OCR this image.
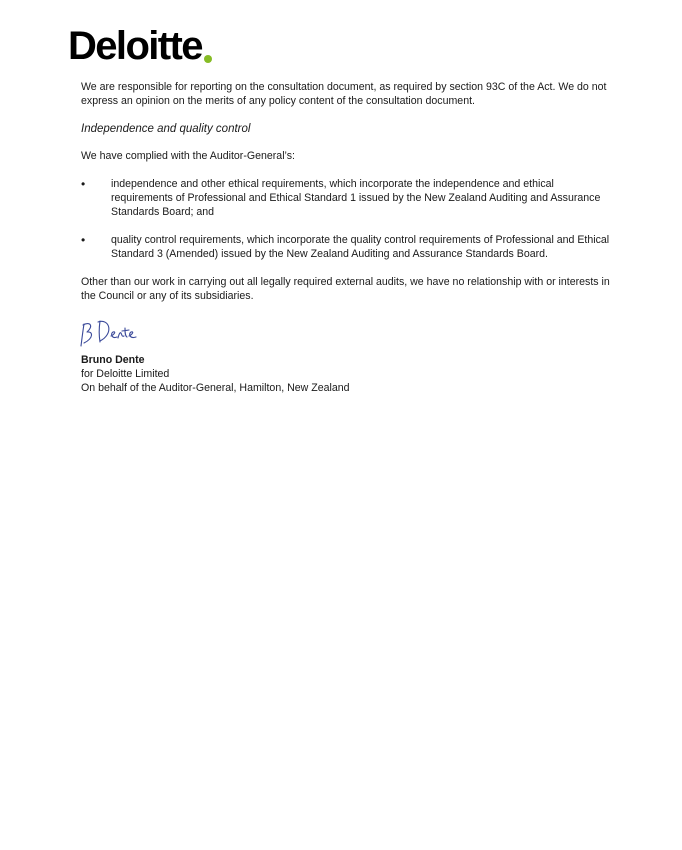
Deloitte

We are responsible for reporting on the consultation document, as required by section 93C of the Act. We do not express an opinion on the merits of any policy content of the consultation document.

Independence and quality control

We have complied with the Auditor-General’s:

•	independence and other ethical requirements, which incorporate the independence and ethical requirements of Professional and Ethical Standard 1 issued by the New Zealand Auditing and Assurance Standards Board; and
•	quality control requirements, which incorporate the quality control requirements of Professional and Ethical Standard 3 (Amended) issued by the New Zealand Auditing and Assurance Standards Board.

Other than our work in carrying out all legally required external audits, we have no relationship with or interests in the Council or any of its subsidiaries.

Bruno Dente
for Deloitte Limited
On behalf of the Auditor-General, Hamilton, New Zealand
